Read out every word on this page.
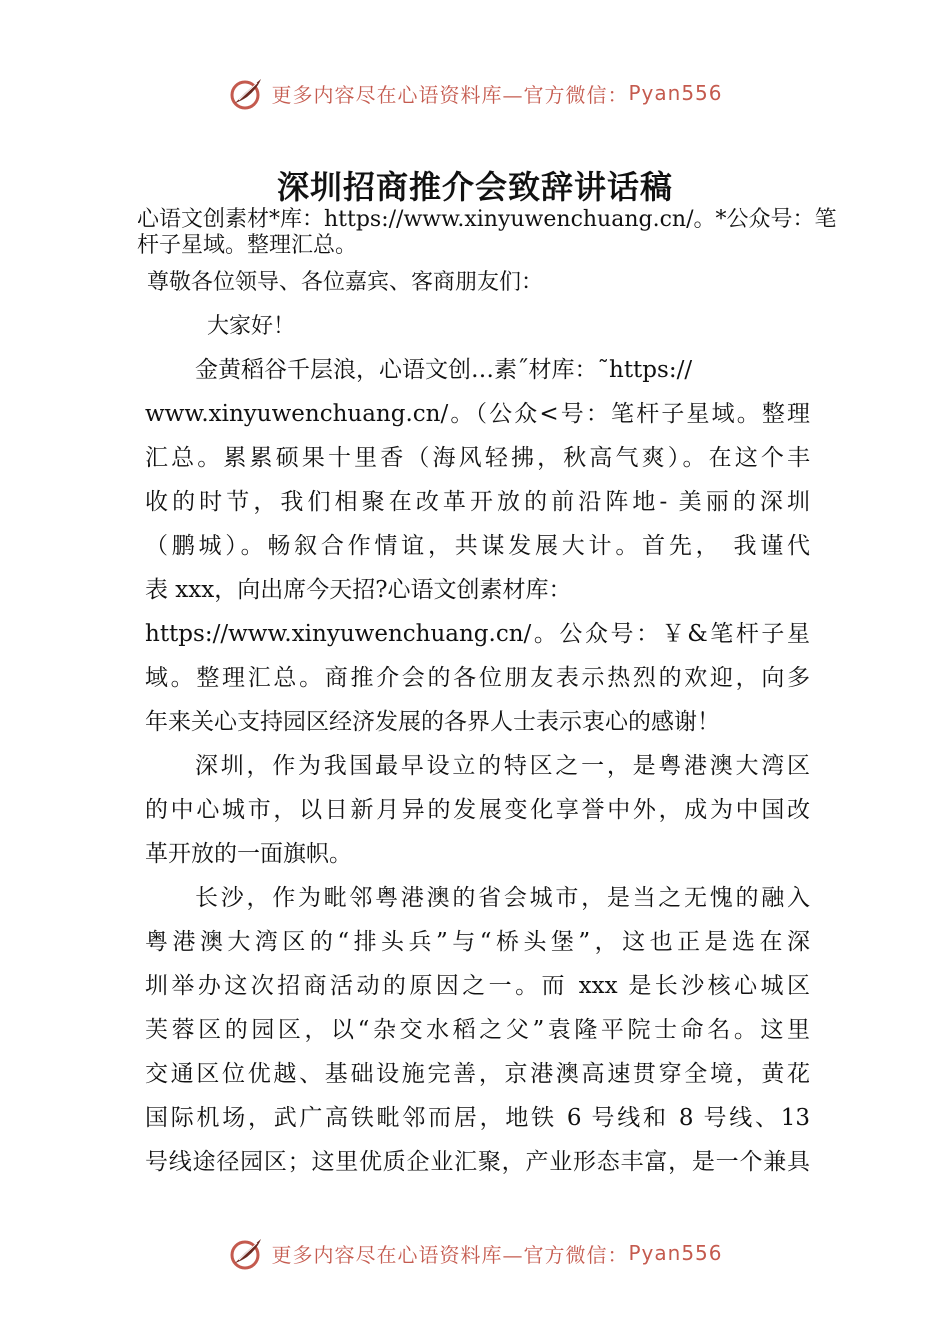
更多内容尽在心语资料库—官方微信： Pyan556
深圳招商推介会致辞讲话稿
心语文创素材*库：https://www.xinyuwenchuang.cn/。*公众号：笔杆子星域。整理汇总。
尊敬各位领导、各位嘉宾、客商朋友们：
大家好！
金黄稻谷千层浪，心语文创…素˝材库：˜https://
www.xinyuwenchuang.cn/。（公众<号：笔杆子星域。整理
汇总。累累硕果十里香（海风轻拂，秋高气爽）。在这个丰
收的时节，我们相聚在改革开放的前沿阵地- 美丽的深圳
（鹏城）。畅叙合作情谊，共谋发展大计。首先， 我谨代
表 xxx，向出席今天招?心语文创素材库：
https://www.xinyuwenchuang.cn/。公众号：￥&笔杆子星
域。整理汇总。商推介会的各位朋友表示热烈的欢迎，向多
年来关心支持园区经济发展的各界人士表示衷心的感谢！
深圳，作为我国最早设立的特区之一，是粤港澳大湾区
的中心城市，以日新月异的发展变化享誉中外，成为中国改
革开放的一面旗帜。
长沙，作为毗邻粤港澳的省会城市，是当之无愧的融入
粤港澳大湾区的“排头兵”与“桥头堡”，这也正是选在深
圳举办这次招商活动的原因之一。而 xxx 是长沙核心城区
芙蓉区的园区，以“杂交水稻之父”袁隆平院士命名。这里
交通区位优越、基础设施完善，京港澳高速贯穿全境，黄花
国际机场，武广高铁毗邻而居，地铁 6 号线和 8 号线、13
号线途径园区；这里优质企业汇聚，产业形态丰富，是一个兼具
更多内容尽在心语资料库—官方微信： Pyan556
